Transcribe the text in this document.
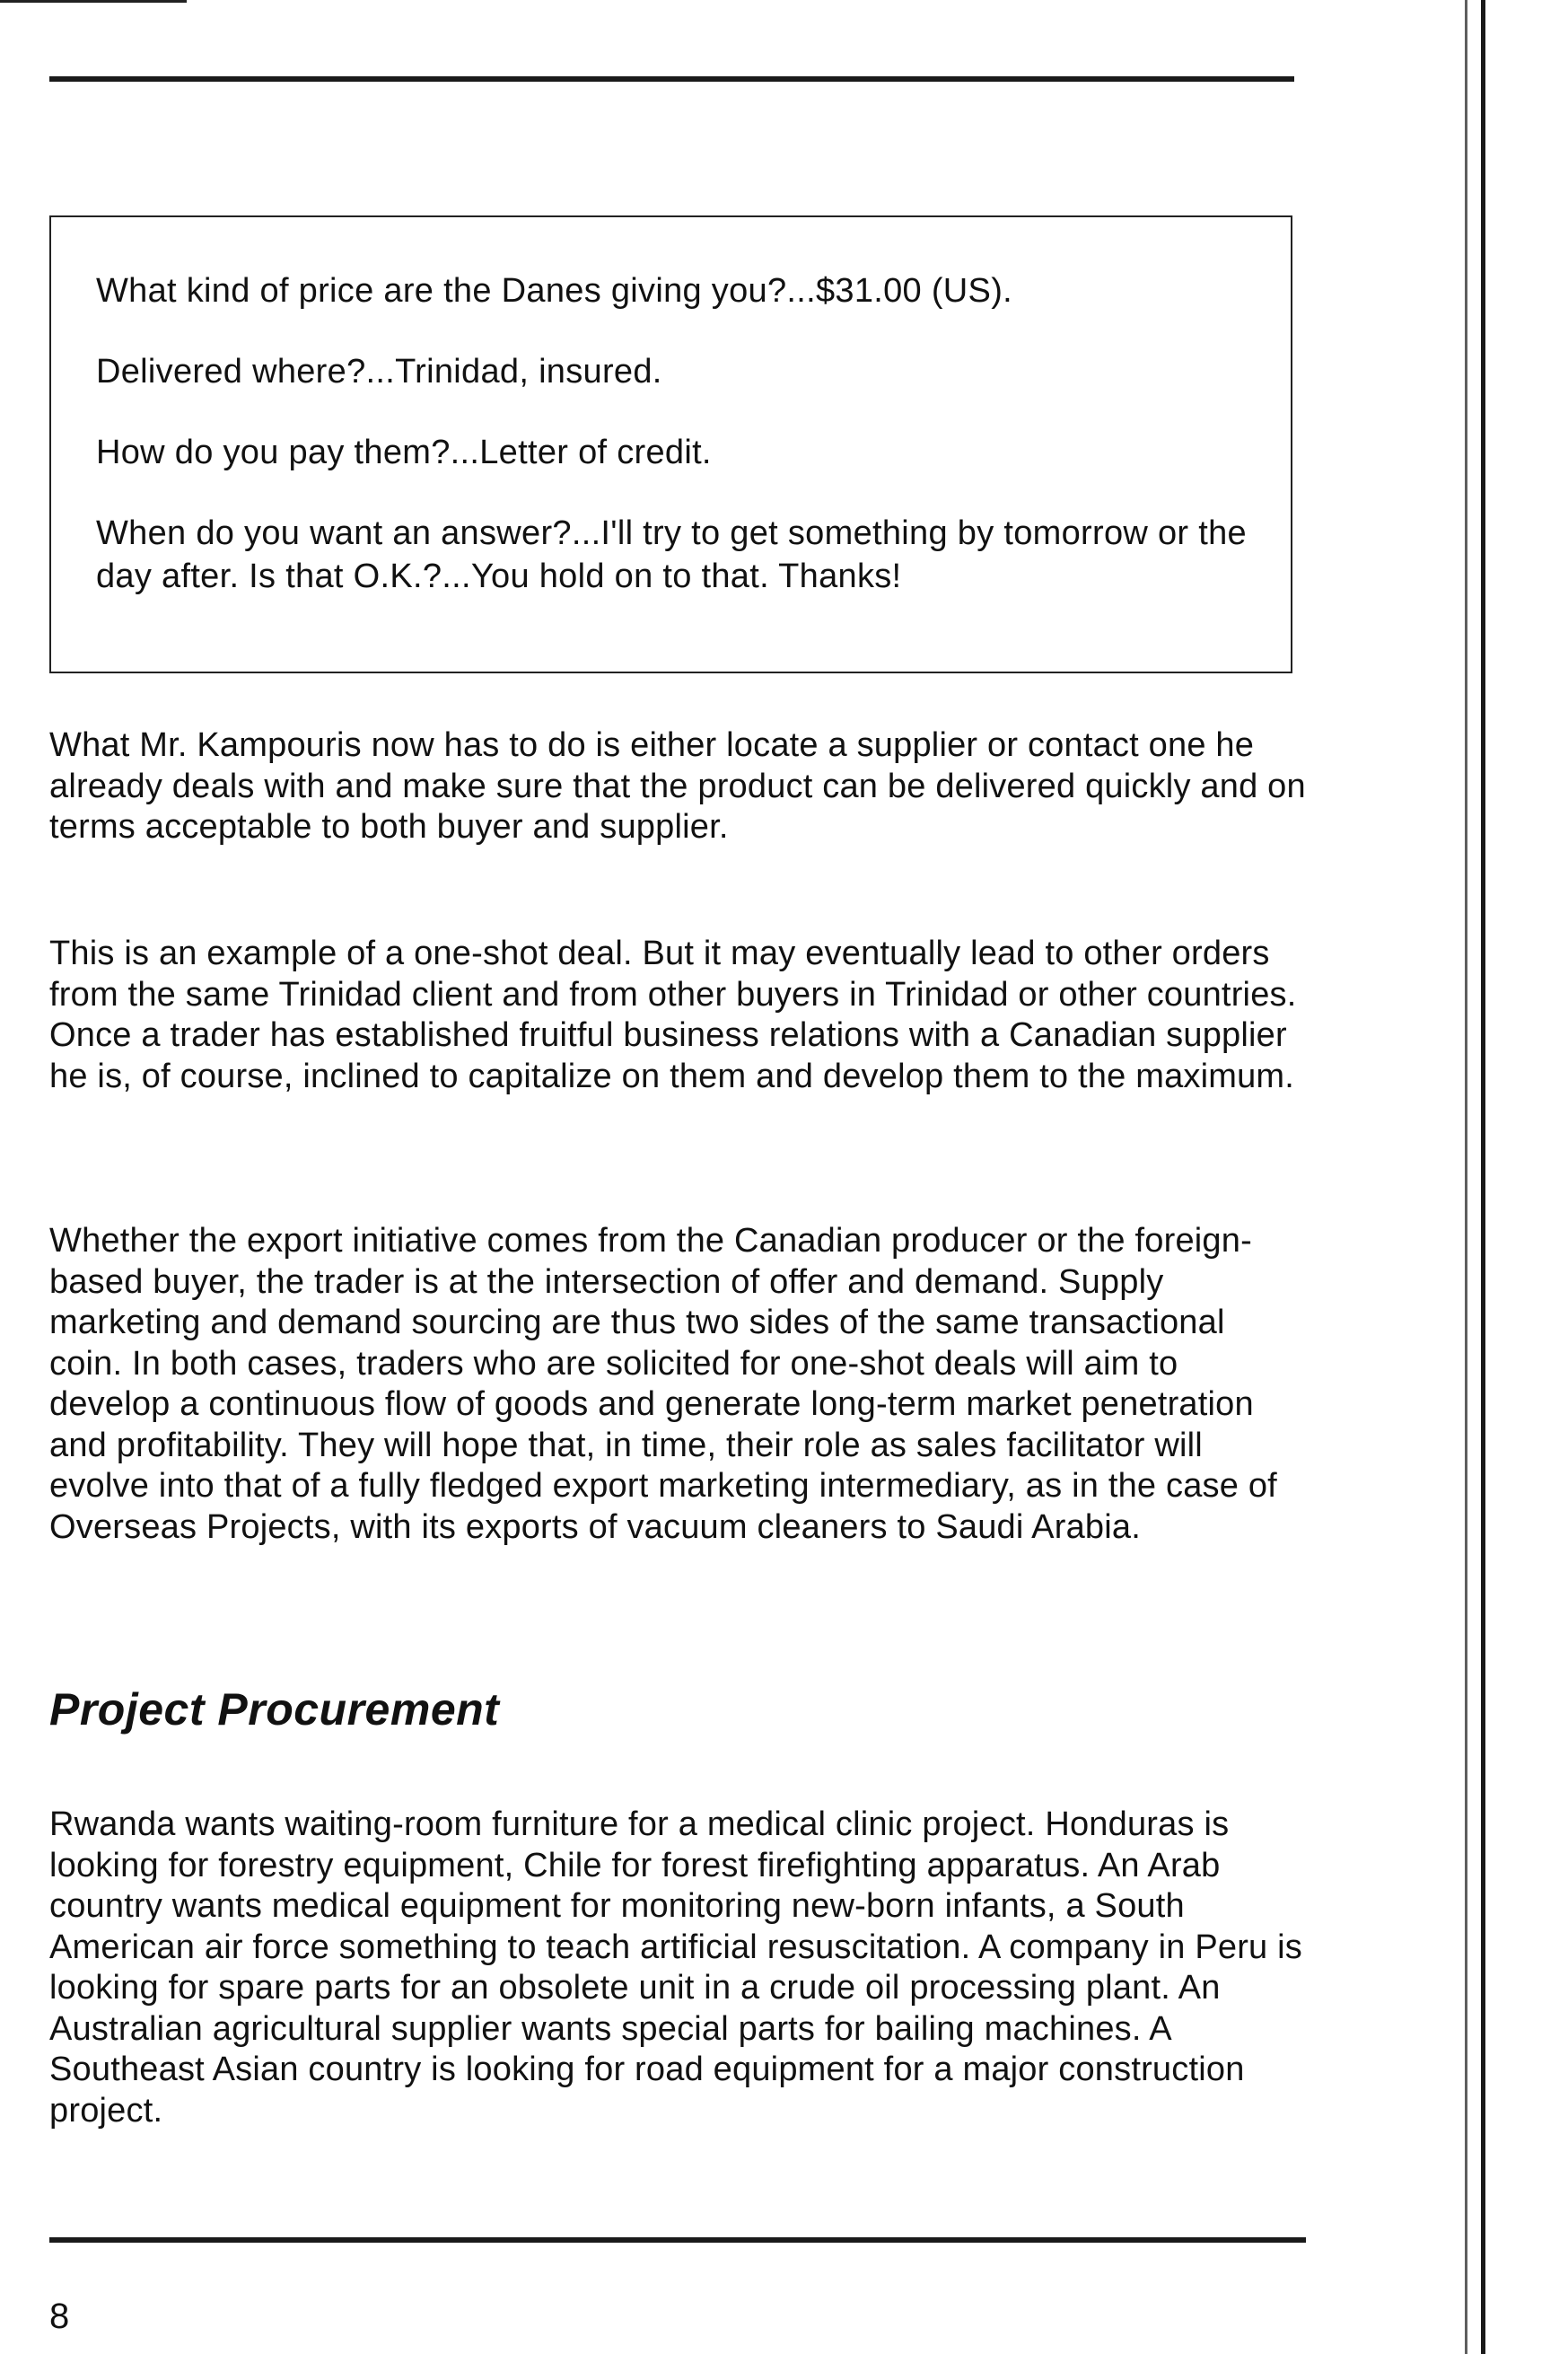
What kind of price are the Danes giving you?...$31.00 (US).

Delivered where?...Trinidad, insured.

How do you pay them?...Letter of credit.

When do you want an answer?...I'll try to get something by tomorrow or the day after. Is that O.K.?...You hold on to that. Thanks!

What Mr. Kampouris now has to do is either locate a supplier or contact one he already deals with and make sure that the product can be delivered quickly and on terms acceptable to both buyer and supplier.

This is an example of a one-shot deal. But it may eventually lead to other orders from the same Trinidad client and from other buyers in Trinidad or other countries. Once a trader has established fruitful business relations with a Canadian supplier he is, of course, inclined to capitalize on them and develop them to the maximum.

Whether the export initiative comes from the Canadian producer or the foreign-based buyer, the trader is at the intersection of offer and demand. Supply marketing and demand sourcing are thus two sides of the same transactional coin. In both cases, traders who are solicited for one-shot deals will aim to develop a continuous flow of goods and generate long-term market penetration and profitability. They will hope that, in time, their role as sales facilitator will evolve into that of a fully fledged export marketing intermediary, as in the case of Overseas Projects, with its exports of vacuum cleaners to Saudi Arabia.

Project Procurement

Rwanda wants waiting-room furniture for a medical clinic project. Honduras is looking for forestry equipment, Chile for forest firefighting apparatus. An Arab country wants medical equipment for monitoring new-born infants, a South American air force something to teach artificial resuscitation. A company in Peru is looking for spare parts for an obsolete unit in a crude oil processing plant. An Australian agricultural supplier wants special parts for bailing machines. A Southeast Asian country is looking for road equipment for a major construction project.

8
